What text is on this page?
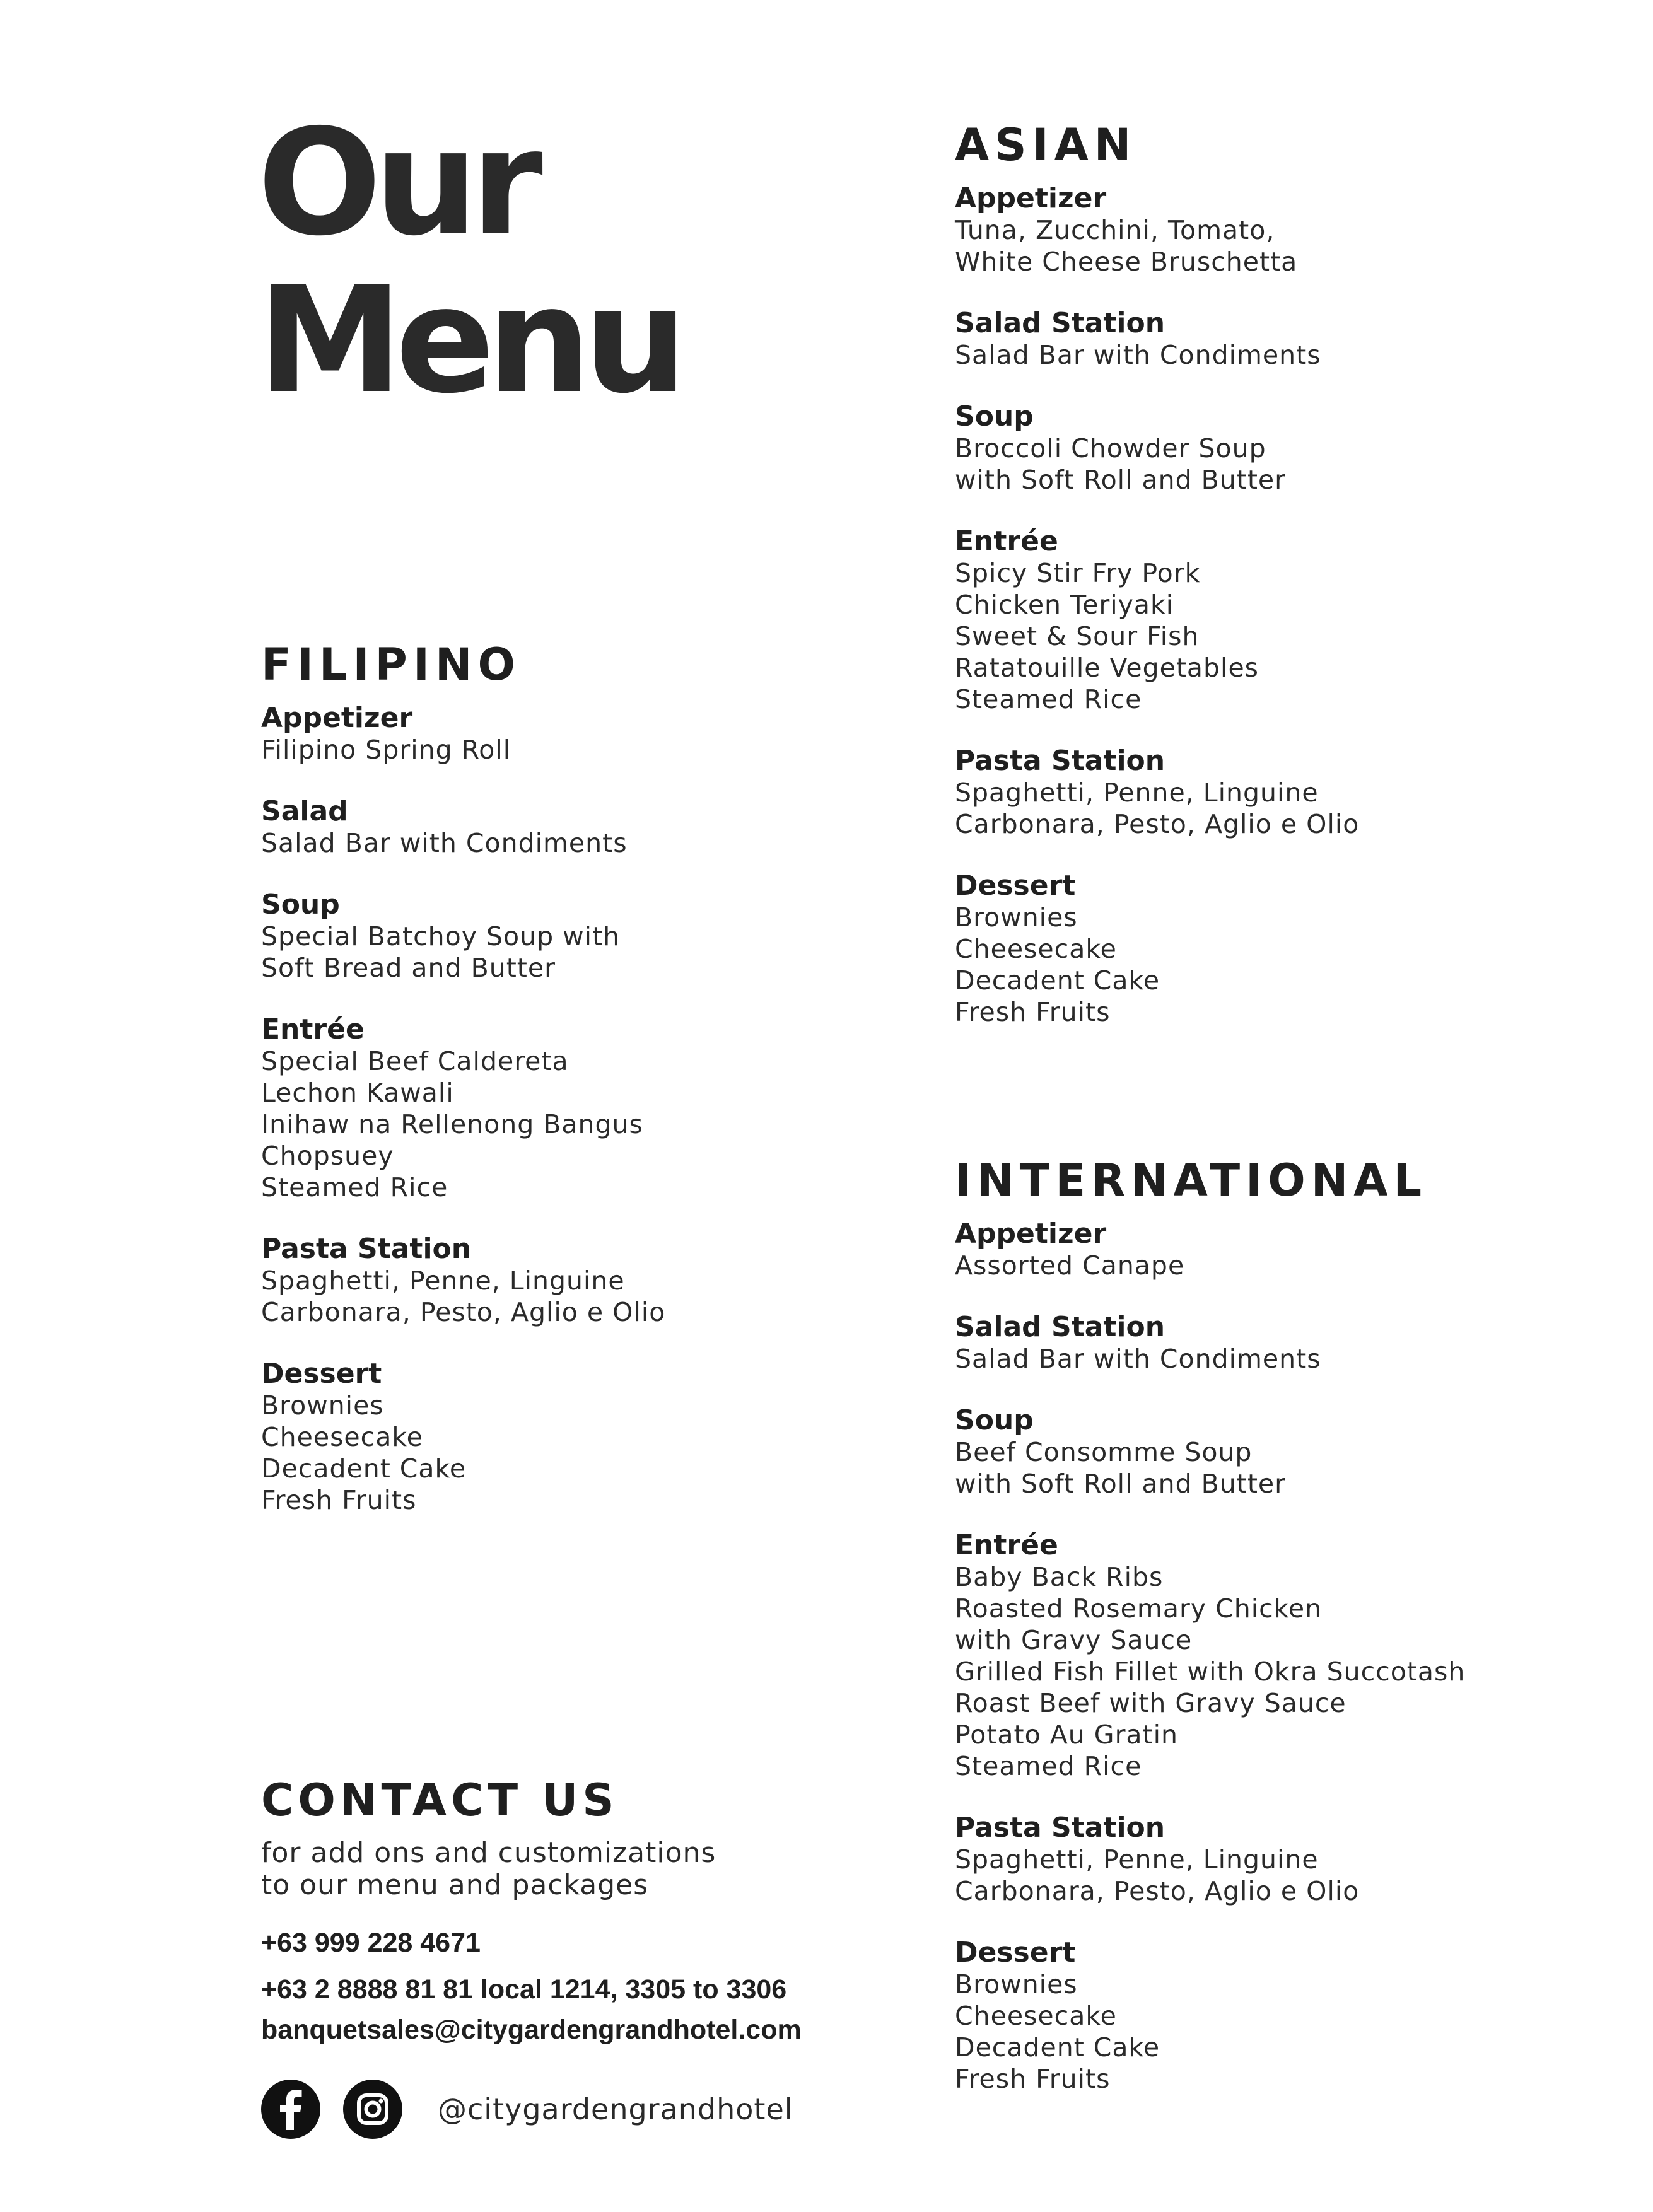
Our
Menu
FILIPINO
Appetizer
Filipino Spring Roll
Salad
Salad Bar with Condiments
Soup
Special Batchoy Soup with
Soft Bread and Butter
Entrée
Special Beef Caldereta
Lechon Kawali
Inihaw na Rellenong Bangus
Chopsuey
Steamed Rice
Pasta Station
Spaghetti, Penne, Linguine
Carbonara, Pesto, Aglio e Olio
Dessert
Brownies
Cheesecake
Decadent Cake
Fresh Fruits
ASIAN
Appetizer
Tuna, Zucchini, Tomato,
White Cheese Bruschetta
Salad Station
Salad Bar with Condiments
Soup
Broccoli Chowder Soup
with Soft Roll and Butter
Entrée
Spicy Stir Fry Pork
Chicken Teriyaki
Sweet & Sour Fish
Ratatouille Vegetables
Steamed Rice
Pasta Station
Spaghetti, Penne, Linguine
Carbonara, Pesto, Aglio e Olio
Dessert
Brownies
Cheesecake
Decadent Cake
Fresh Fruits
INTERNATIONAL
Appetizer
Assorted Canape
Salad Station
Salad Bar with Condiments
Soup
Beef Consomme Soup
with Soft Roll and Butter
Entrée
Baby Back Ribs
Roasted Rosemary Chicken
with Gravy Sauce
Grilled Fish Fillet with Okra Succotash
Roast Beef with Gravy Sauce
Potato Au Gratin
Steamed Rice
Pasta Station
Spaghetti, Penne, Linguine
Carbonara, Pesto, Aglio e Olio
Dessert
Brownies
Cheesecake
Decadent Cake
Fresh Fruits
CONTACT US
for add ons and customizations
to our menu and packages
+63 999 228 4671
+63 2 8888 81 81 local 1214, 3305 to 3306
banquetsales@citygardengrandhotel.com
@citygardengrandhotel
